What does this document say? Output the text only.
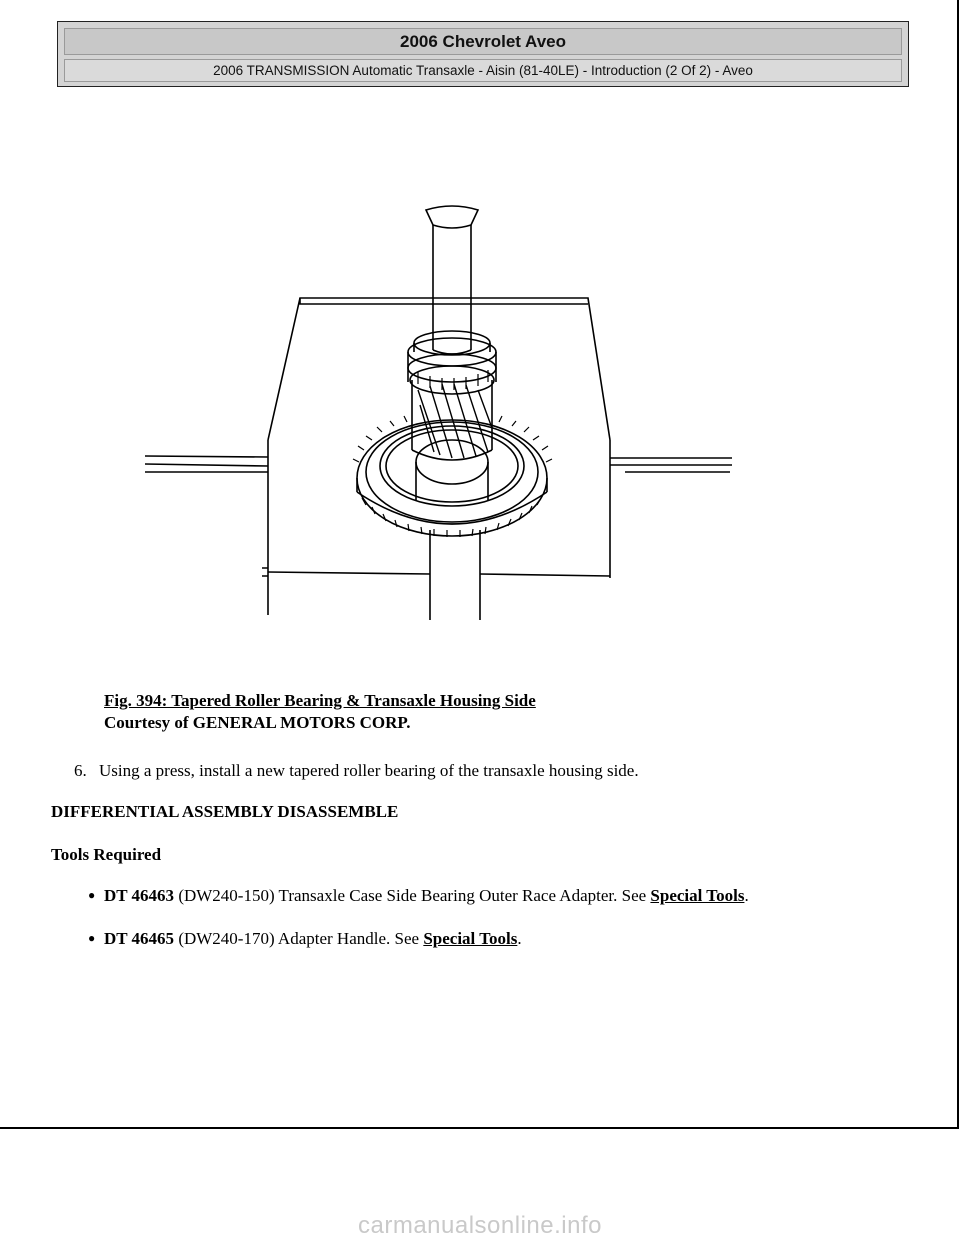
2006 Chevrolet Aveo
2006 TRANSMISSION Automatic Transaxle - Aisin (81-40LE) - Introduction (2 Of 2) - Aveo
Fig. 394: Tapered Roller Bearing & Transaxle Housing Side
Courtesy of GENERAL MOTORS CORP.
6. Using a press, install a new tapered roller bearing of the transaxle housing side.
DIFFERENTIAL ASSEMBLY DISASSEMBLE
Tools Required
● DT 46463 (DW240-150) Transaxle Case Side Bearing Outer Race Adapter. See Special Tools.
● DT 46465 (DW240-170) Adapter Handle. See Special Tools.
carmanualsonline.info
